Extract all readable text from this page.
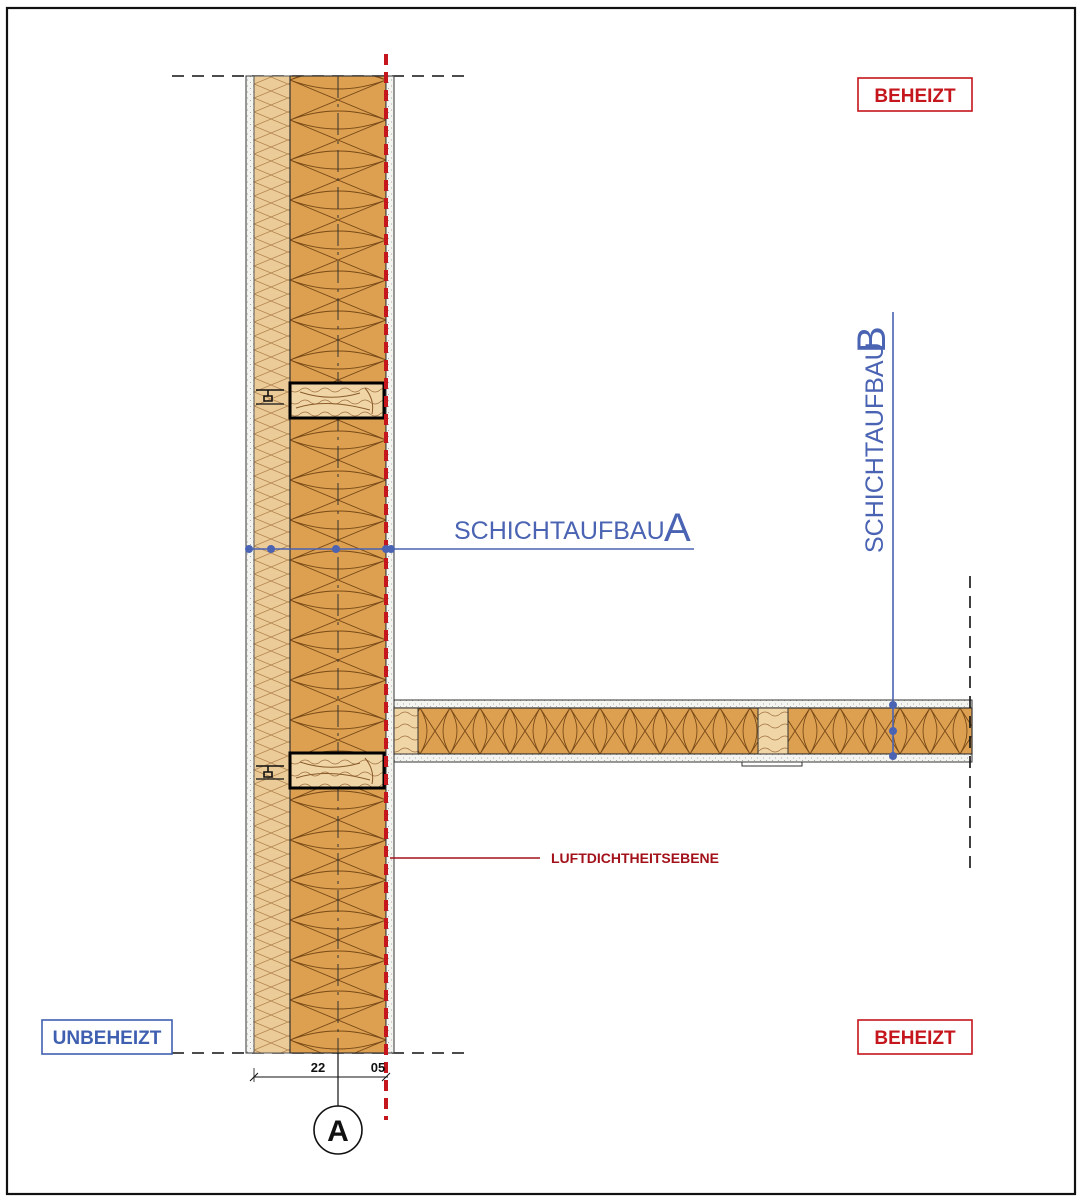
SCHICHTAUFBAU A	SCHICHTAUFBAU
B
LUFTDICHTHEITSEBENE
BEHEIZT
BEHEIZT
UNBEHEIZT
22	05
A
